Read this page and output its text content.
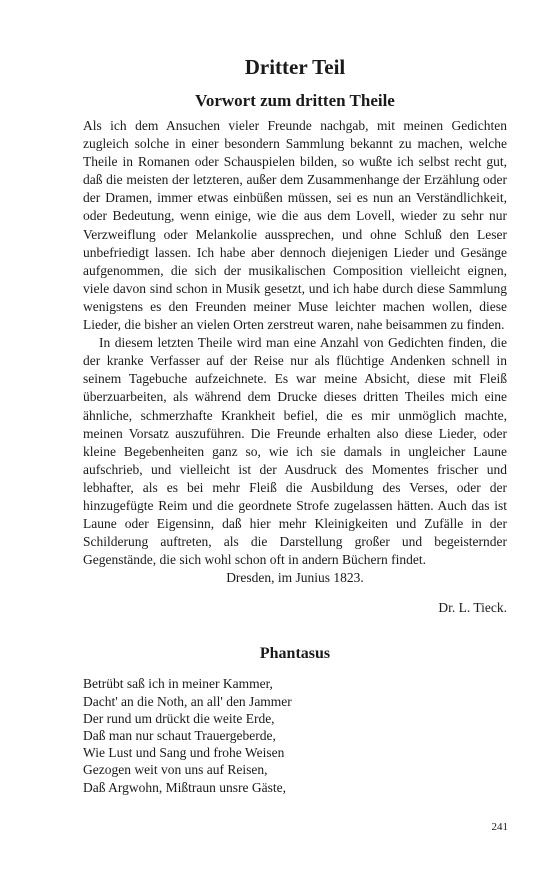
Dritter Teil
Vorwort zum dritten Theile

Als ich dem Ansuchen vieler Freunde nachgab, mit meinen Gedichten zugleich solche in einer besondern Sammlung bekannt zu machen, welche Theile in Romanen oder Schauspielen bilden, so wußte ich selbst recht gut, daß die meisten der letzteren, außer dem Zusammenhange der Erzählung oder der Dramen, immer etwas einbüßen müssen, sei es nun an Verständlichkeit, oder Bedeutung, wenn einige, wie die aus dem Lovell, wieder zu sehr nur Verzweiflung oder Melankolie aussprechen, und ohne Schluß den Leser unbefriedigt lassen. Ich habe aber dennoch diejenigen Lieder und Gesänge aufgenommen, die sich der musikalischen Composition vielleicht eignen, viele davon sind schon in Musik gesetzt, und ich habe durch diese Sammlung wenigstens es den Freunden meiner Muse leichter machen wollen, diese Lieder, die bisher an vielen Orten zerstreut waren, nahe beisammen zu finden.

In diesem letzten Theile wird man eine Anzahl von Gedichten finden, die der kranke Verfasser auf der Reise nur als flüchtige Andenken schnell in seinem Tagebuche aufzeichnete. Es war meine Absicht, diese mit Fleiß überzuarbeiten, als während dem Drucke dieses dritten Theiles mich eine ähnliche, schmerzhafte Krankheit befiel, die es mir unmöglich machte, meinen Vorsatz auszuführen. Die Freunde erhalten also diese Lieder, oder kleine Begebenheiten ganz so, wie ich sie damals in ungleicher Laune aufschrieb, und vielleicht ist der Ausdruck des Momentes frischer und lebhafter, als es bei mehr Fleiß die Ausbildung des Verses, oder der hinzugefügte Reim und die geordnete Strofe zugelassen hätten. Auch das ist Laune oder Eigensinn, daß hier mehr Kleinigkeiten und Zufälle in der Schilderung auftreten, als die Darstellung großer und begeisternder Gegenstände, die sich wohl schon oft in andern Büchern findet.

Dresden, im Junius 1823.

Dr. L. Tieck.

Phantasus

Betrübt saß ich in meiner Kammer,

Dacht' an die Noth, an all' den Jammer

Der rund um drückt die weite Erde,

Daß man nur schaut Trauergeberde,

Wie Lust und Sang und frohe Weisen

Gezogen weit von uns auf Reisen,

Daß Argwohn, Mißtraun unsre Gäste,

241
